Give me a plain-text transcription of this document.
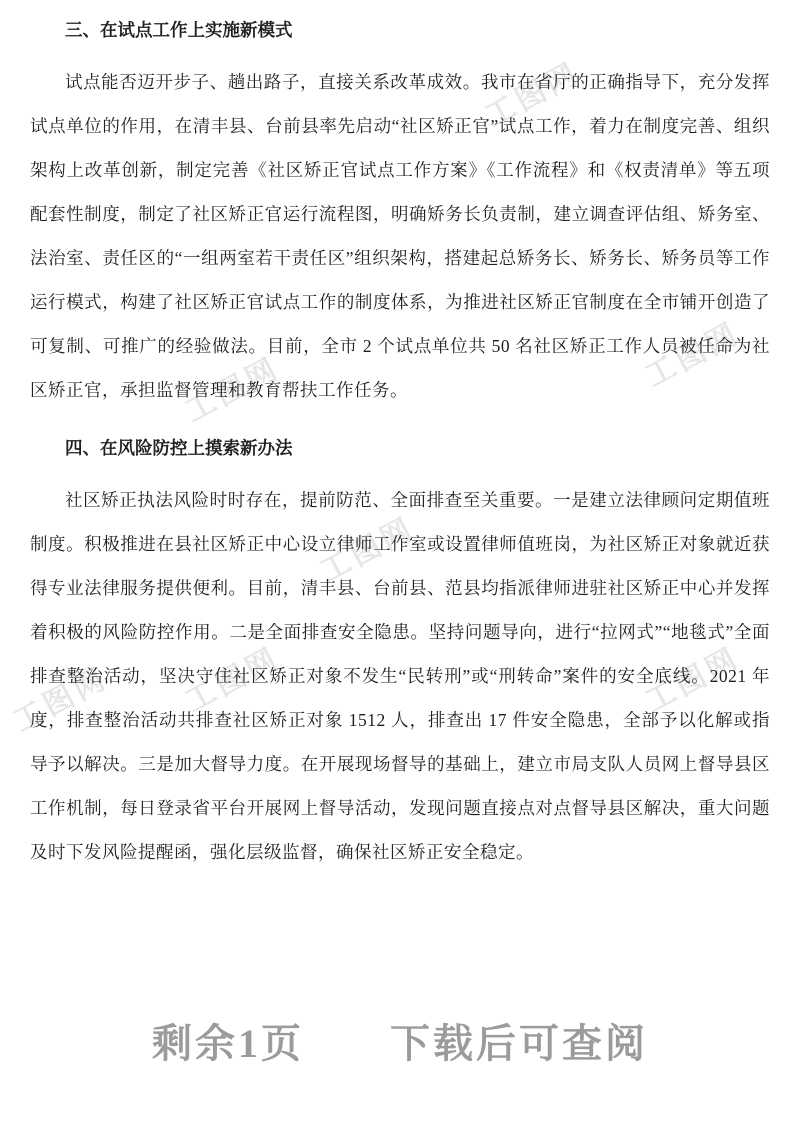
工图网
工图网	工图网
工图网
工图网	工图网
工图网
三、在试点工作上实施新模式

试点能否迈开步子、趟出路子，直接关系改革成效。我市在省厅的正确指导下，充分发挥试点单位的作用，在清丰县、台前县率先启动“社区矫正官”试点工作，着力在制度完善、组织架构上改革创新，制定完善《社区矫正官试点工作方案》《工作流程》和《权责清单》等五项配套性制度，制定了社区矫正官运行流程图，明确矫务长负责制，建立调查评估组、矫务室、法治室、责任区的“一组两室若干责任区”组织架构，搭建起总矫务长、矫务长、矫务员等工作运行模式，构建了社区矫正官试点工作的制度体系，为推进社区矫正官制度在全市铺开创造了可复制、可推广的经验做法。目前，全市 2 个试点单位共 50 名社区矫正工作人员被任命为社区矫正官，承担监督管理和教育帮扶工作任务。

四、在风险防控上摸索新办法

社区矫正执法风险时时存在，提前防范、全面排查至关重要。一是建立法律顾问定期值班制度。积极推进在县社区矫正中心设立律师工作室或设置律师值班岗，为社区矫正对象就近获得专业法律服务提供便利。目前，清丰县、台前县、范县均指派律师进驻社区矫正中心并发挥着积极的风险防控作用。二是全面排查安全隐患。坚持问题导向，进行“拉网式”“地毯式”全面排查整治活动，坚决守住社区矫正对象不发生“民转刑”或“刑转命”案件的安全底线。2021 年度，排查整治活动共排查社区矫正对象 1512 人，排查出 17 件安全隐患，全部予以化解或指导予以解决。三是加大督导力度。在开展现场督导的基础上，建立市局支队人员网上督导县区工作机制，每日登录省平台开展网上督导活动，发现问题直接点对点督导县区解决，重大问题及时下发风险提醒函，强化层级监督，确保社区矫正安全稳定。

剩余1页　　下载后可查阅
